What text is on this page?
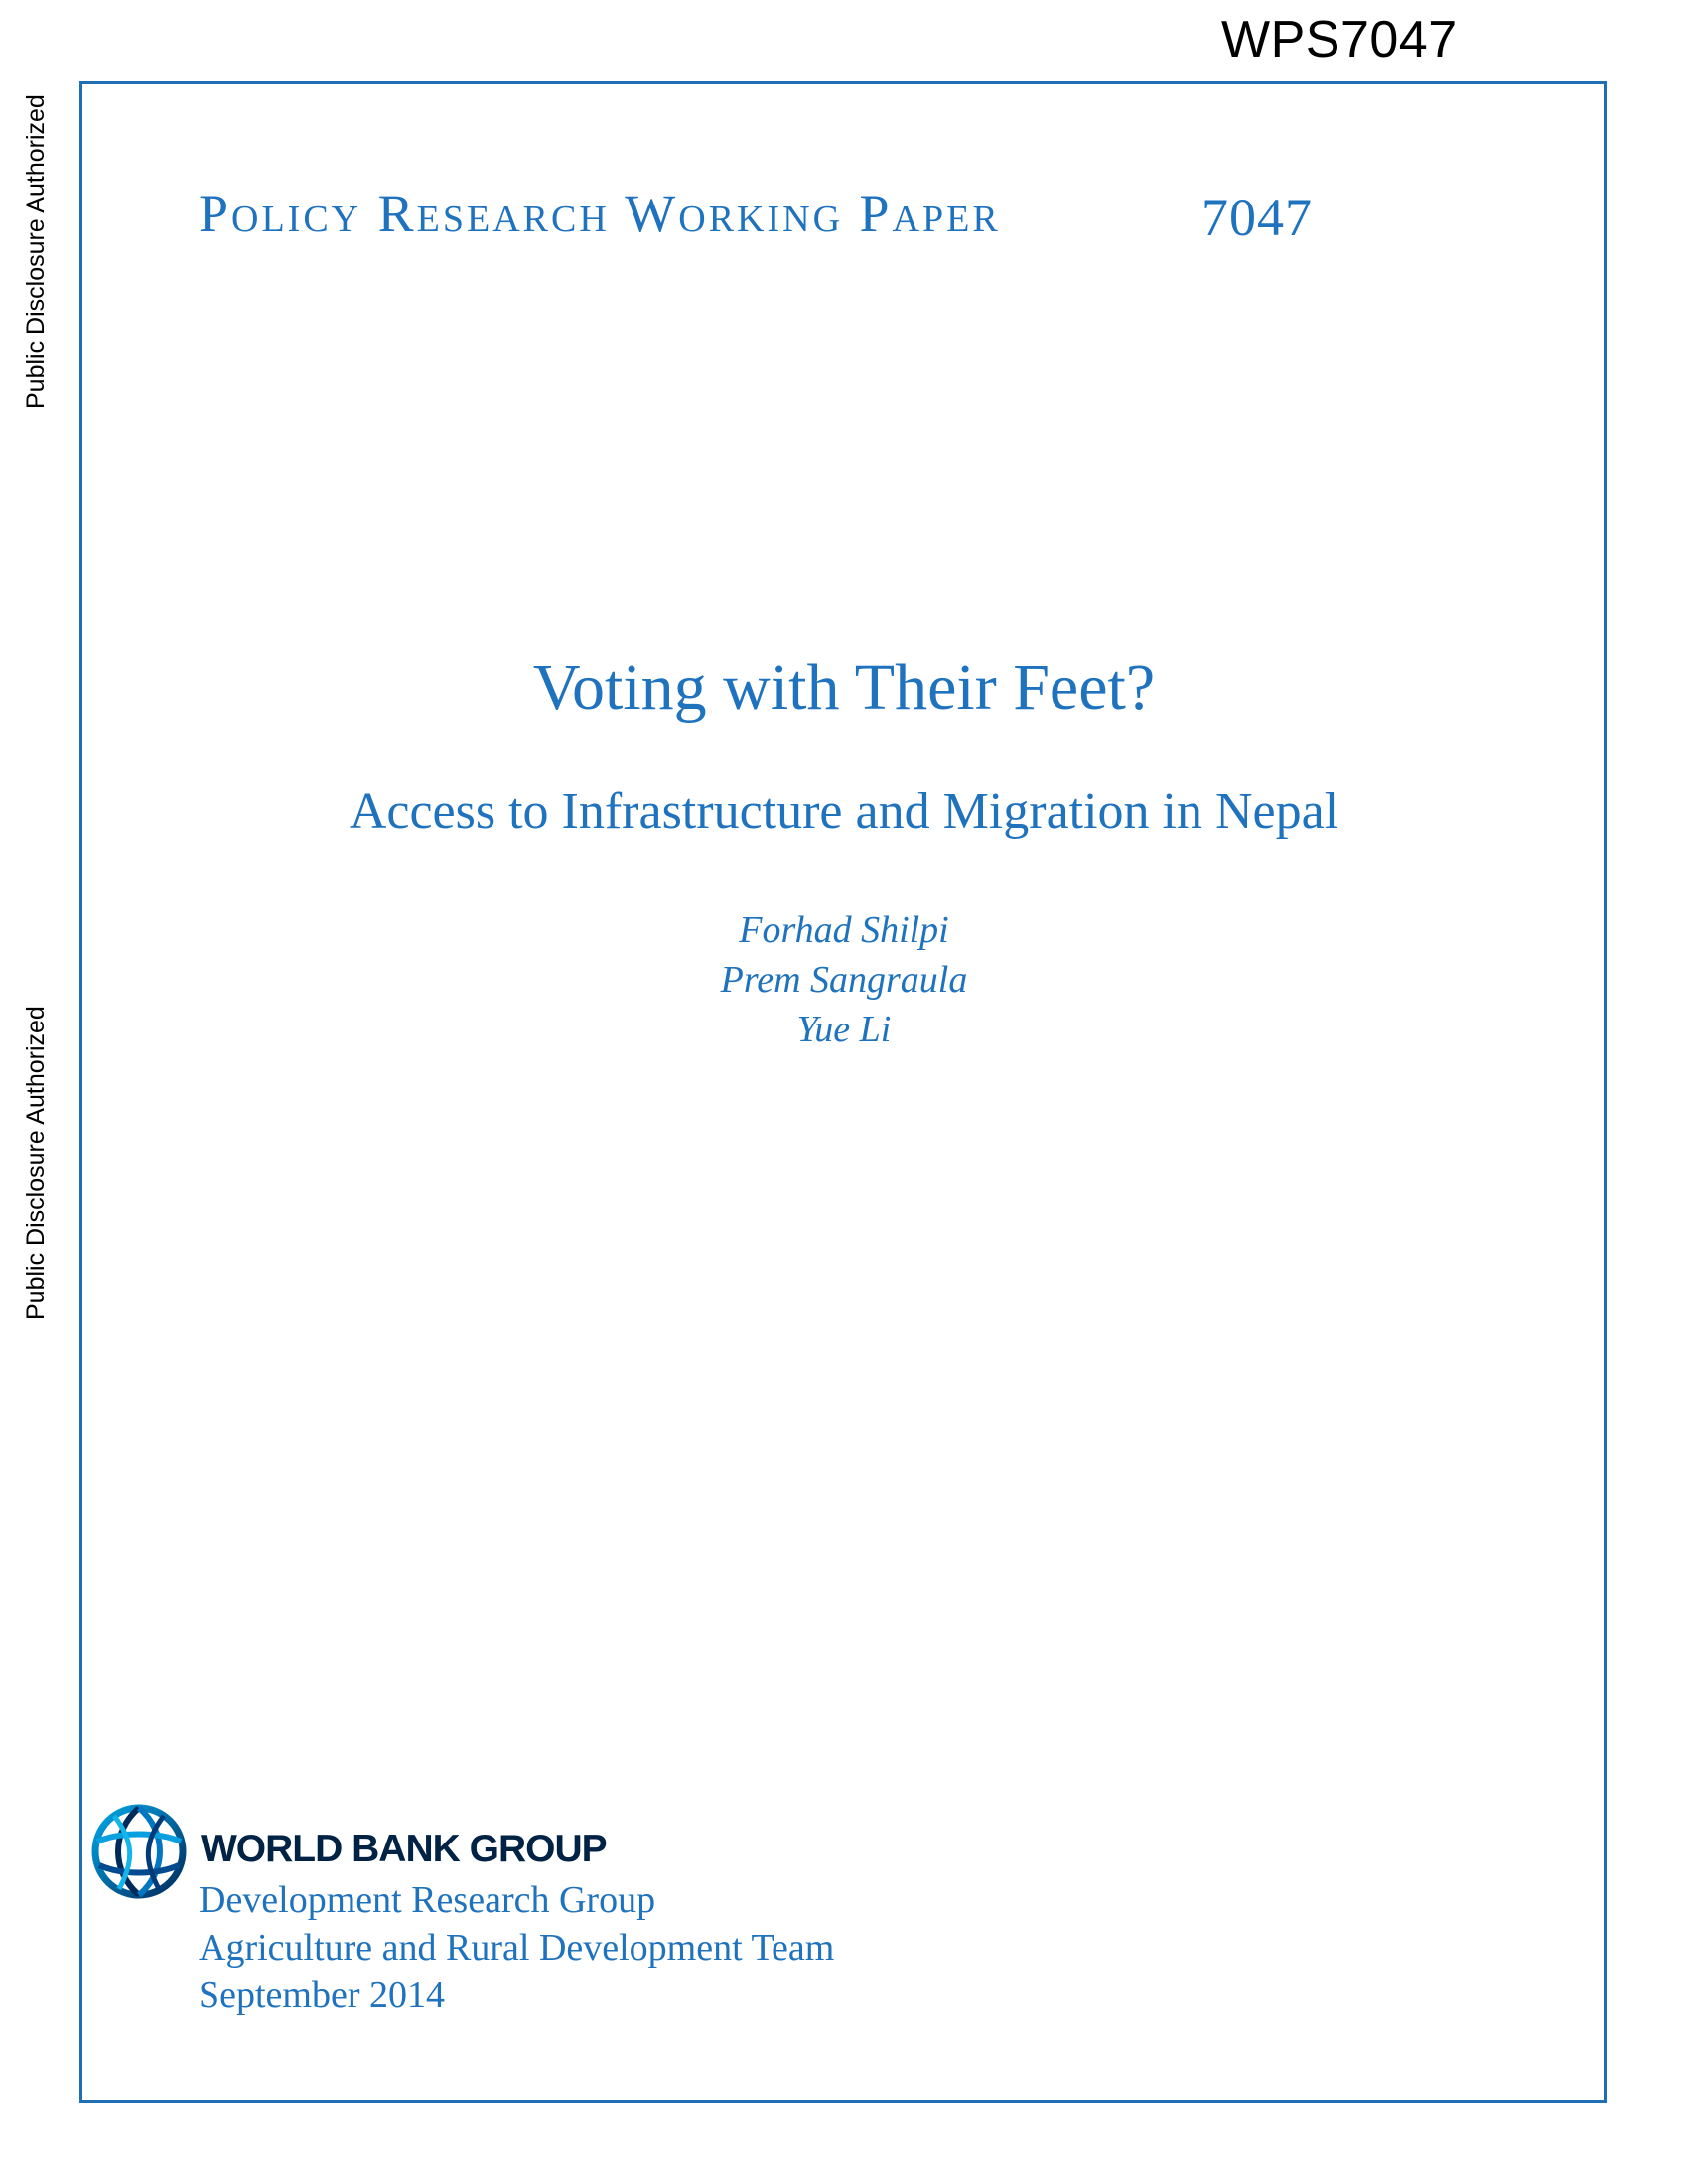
WPS7047
Public Disclosure Authorized
Public Disclosure Authorized
Policy Research Working Paper	7047
Voting with Their Feet?
Access to Infrastructure and Migration in Nepal
Forhad Shilpi
Prem Sangraula
Yue Li
WORLD BANK GROUP
Development Research Group
Agriculture and Rural Development Team
September 2014
